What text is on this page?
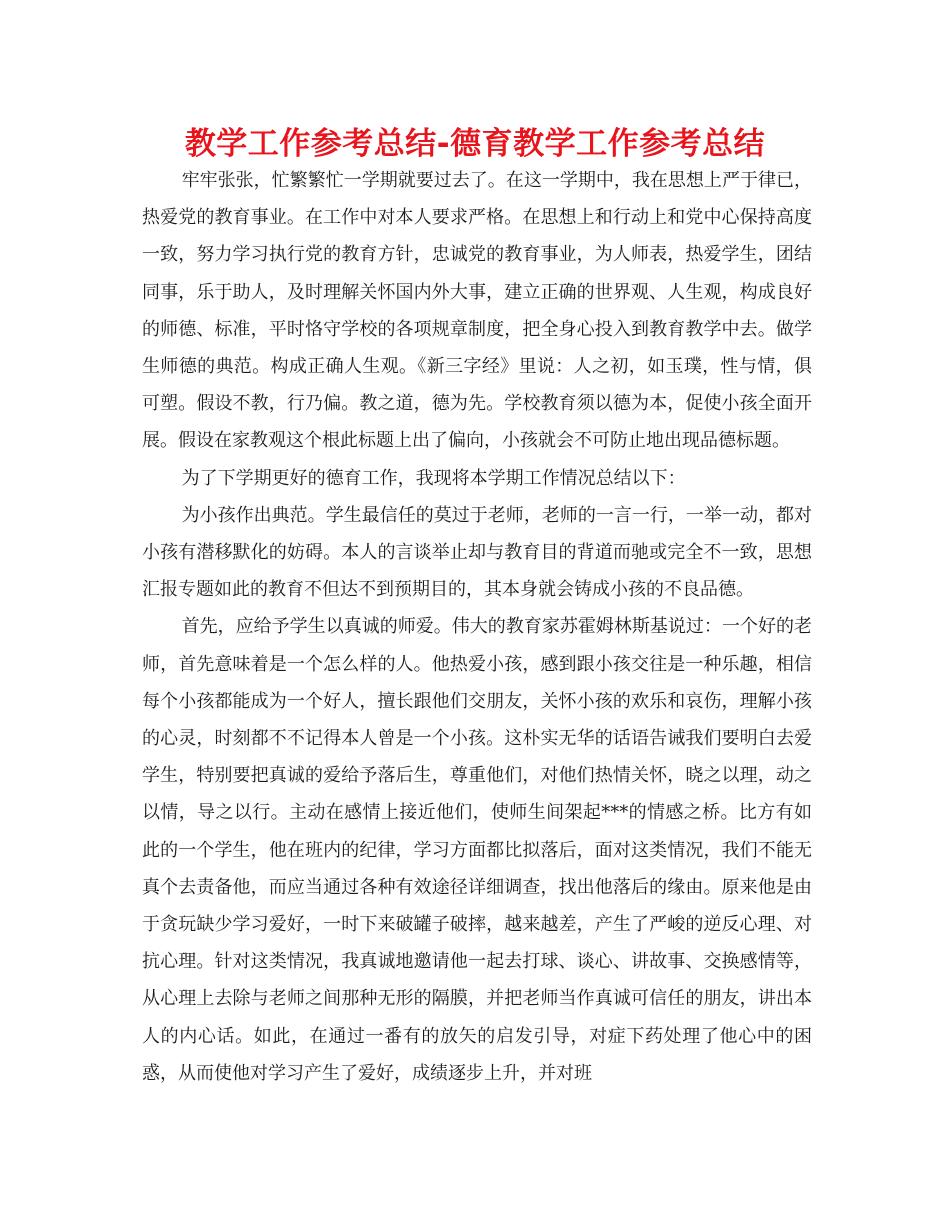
教学工作参考总结-德育教学工作参考总结

牢牢张张，忙繁繁忙一学期就要过去了。在这一学期中，我在思想上严于律已，热爱党的教育事业。在工作中对本人要求严格。在思想上和行动上和党中心保持高度一致，努力学习执行党的教育方针，忠诚党的教育事业，为人师表，热爱学生，团结同事，乐于助人，及时理解关怀国内外大事，建立正确的世界观、人生观，构成良好的师德、标准，平时恪守学校的各项规章制度，把全身心投入到教育教学中去。做学生师德的典范。构成正确人生观。《新三字经》里说：人之初，如玉璞，性与情，俱可塑。假设不教，行乃偏。教之道，德为先。学校教育须以德为本，促使小孩全面开展。假设在家教观这个根此标题上出了偏向，小孩就会不可防止地出现品德标题。

为了下学期更好的德育工作，我现将本学期工作情况总结以下：

为小孩作出典范。学生最信任的莫过于老师，老师的一言一行，一举一动，都对小孩有潜移默化的妨碍。本人的言谈举止却与教育目的背道而驰或完全不一致，思想汇报专题如此的教育不但达不到预期目的，其本身就会铸成小孩的不良品德。

首先，应给予学生以真诚的师爱。伟大的教育家苏霍姆林斯基说过：一个好的老师，首先意味着是一个怎么样的人。他热爱小孩，感到跟小孩交往是一种乐趣，相信每个小孩都能成为一个好人，擅长跟他们交朋友，关怀小孩的欢乐和哀伤，理解小孩的心灵，时刻都不不记得本人曾是一个小孩。这朴实无华的话语告诫我们要明白去爱学生，特别要把真诚的爱给予落后生，尊重他们，对他们热情关怀，晓之以理，动之以情，导之以行。主动在感情上接近他们，使师生间架起***的情感之桥。比方有如此的一个学生，他在班内的纪律，学习方面都比拟落后，面对这类情况，我们不能无真个去责备他，而应当通过各种有效途径详细调查，找出他落后的缘由。原来他是由于贪玩缺少学习爱好，一时下来破罐子破摔，越来越差，产生了严峻的逆反心理、对抗心理。针对这类情况，我真诚地邀请他一起去打球、谈心、讲故事、交换感情等，从心理上去除与老师之间那种无形的隔膜，并把老师当作真诚可信任的朋友，讲出本人的内心话。如此，在通过一番有的放矢的启发引导，对症下药处理了他心中的困惑，从而使他对学习产生了爱好，成绩逐步上升，并对班
